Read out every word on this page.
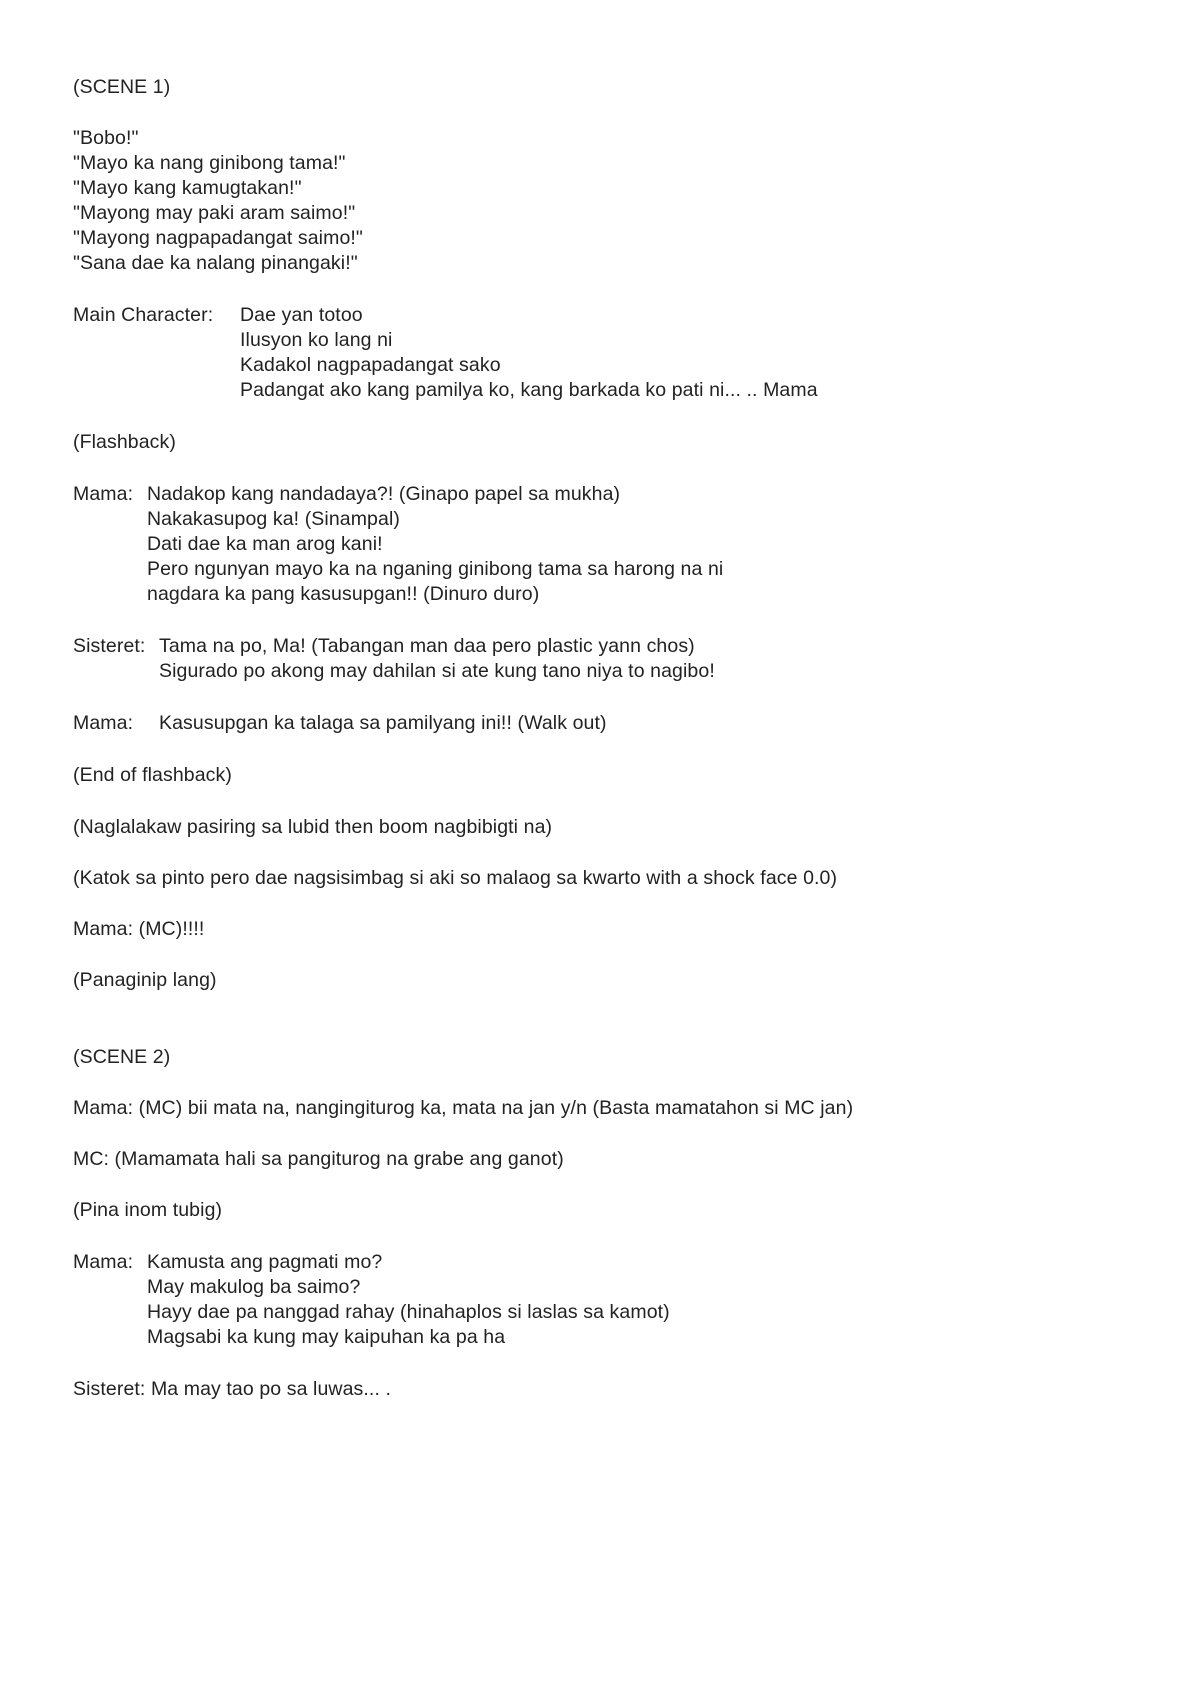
(SCENE 1)
"Bobo!"
"Mayo ka nang ginibong tama!"
"Mayo kang kamugtakan!"
"Mayong may paki aram saimo!"
"Mayong nagpapadangat saimo!"
"Sana dae ka nalang pinangaki!"
Main Character: Dae yan totoo
Ilusyon ko lang ni
Kadakol nagpapadangat sako
Padangat ako kang pamilya ko, kang barkada ko pati ni... .. Mama
(Flashback)
Mama: Nadakop kang nandadaya?! (Ginapo papel sa mukha)
Nakakasupog ka! (Sinampal)
Dati dae ka man arog kani!
Pero ngunyan mayo ka na nganing ginibong tama sa harong na ni
nagdara ka pang kasusupgan!! (Dinuro duro)
Sisteret: Tama na po, Ma! (Tabangan man daa pero plastic yann chos)
Sigurado po akong may dahilan si ate kung tano niya to nagibo!
Mama: Kasusupgan ka talaga sa pamilyang ini!! (Walk out)
(End of flashback)
(Naglalakaw pasiring sa lubid then boom nagbibigti na)
(Katok sa pinto pero dae nagsisimbag si aki so malaog sa kwarto with a shock face 0.0)
Mama: (MC)!!!!
(Panaginip lang)
(SCENE 2)
Mama: (MC) bii mata na, nangingiturog ka, mata na jan y/n (Basta mamatahon si MC jan)
MC: (Mamamata hali sa pangiturog na grabe ang ganot)
(Pina inom tubig)
Mama: Kamusta ang pagmati mo?
May makulog ba saimo?
Hayy dae pa nanggad rahay (hinahaplos si laslas sa kamot)
Magsabi ka kung may kaipuhan ka pa ha
Sisteret: Ma may tao po sa luwas... .
